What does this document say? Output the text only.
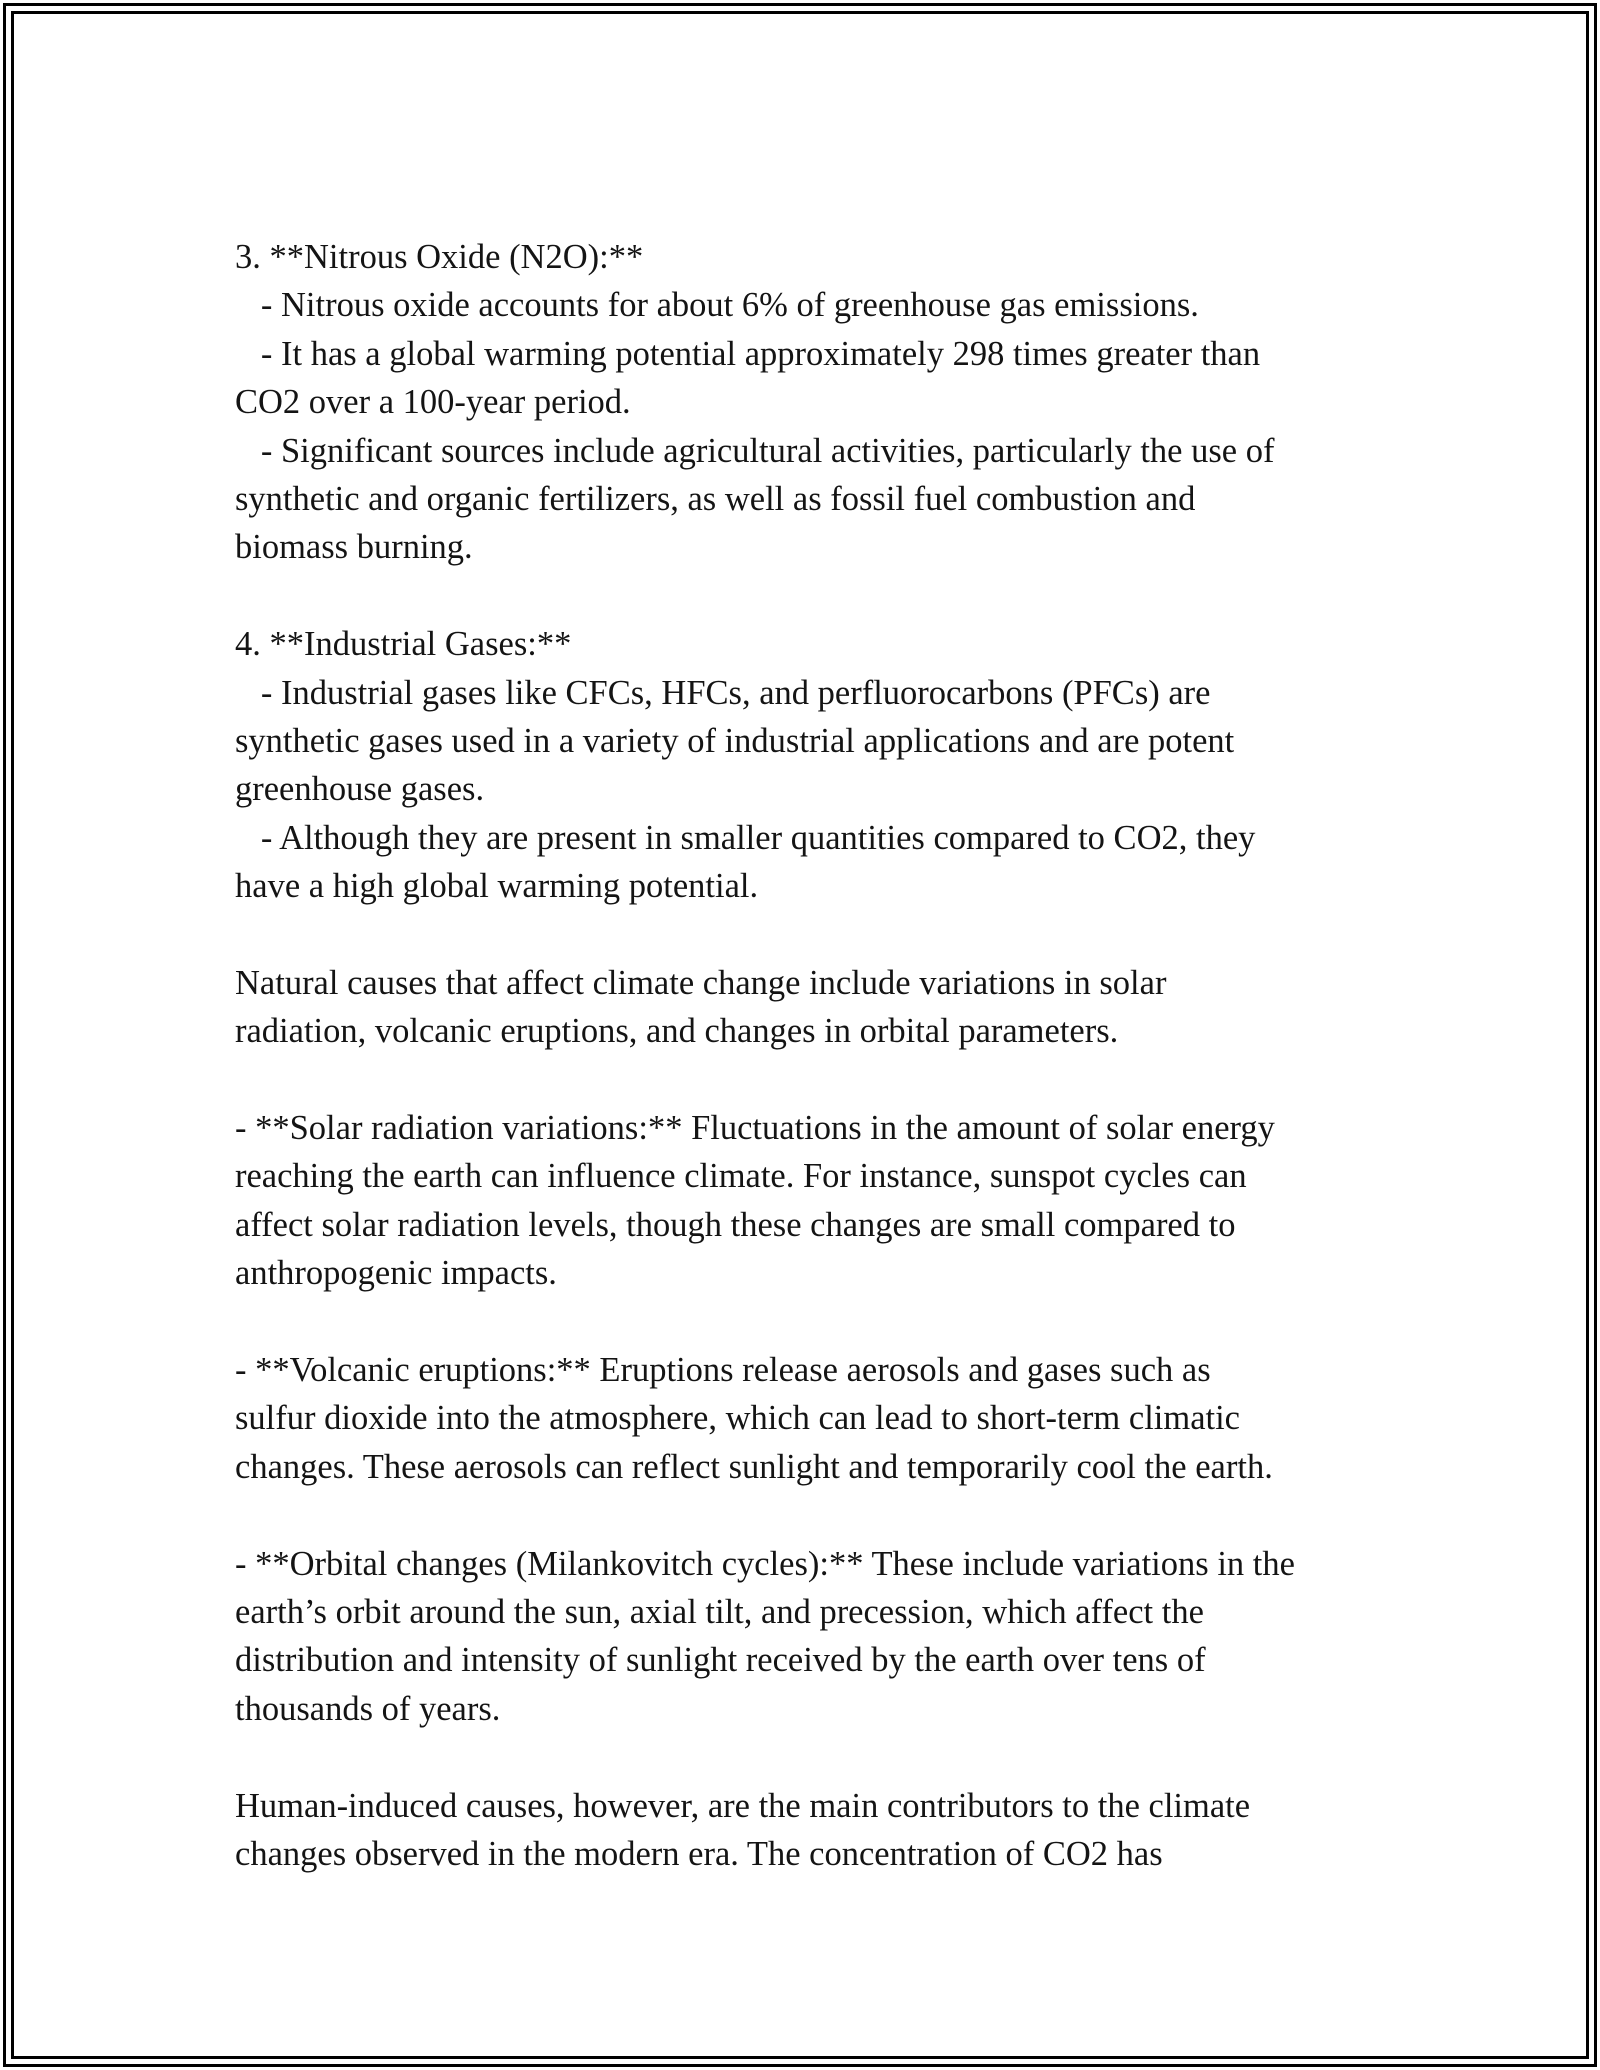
3. **Nitrous Oxide (N2O):**
- Nitrous oxide accounts for about 6% of greenhouse gas emissions.
- It has a global warming potential approximately 298 times greater than
CO2 over a 100-year period.
- Significant sources include agricultural activities, particularly the use of
synthetic and organic fertilizers, as well as fossil fuel combustion and
biomass burning.
4. **Industrial Gases:**
- Industrial gases like CFCs, HFCs, and perfluorocarbons (PFCs) are
synthetic gases used in a variety of industrial applications and are potent
greenhouse gases.
- Although they are present in smaller quantities compared to CO2, they
have a high global warming potential.
Natural causes that affect climate change include variations in solar
radiation, volcanic eruptions, and changes in orbital parameters.
- **Solar radiation variations:** Fluctuations in the amount of solar energy
reaching the earth can influence climate. For instance, sunspot cycles can
affect solar radiation levels, though these changes are small compared to
anthropogenic impacts.
- **Volcanic eruptions:** Eruptions release aerosols and gases such as
sulfur dioxide into the atmosphere, which can lead to short-term climatic
changes. These aerosols can reflect sunlight and temporarily cool the earth.
- **Orbital changes (Milankovitch cycles):** These include variations in the
earth’s orbit around the sun, axial tilt, and precession, which affect the
distribution and intensity of sunlight received by the earth over tens of
thousands of years.
Human-induced causes, however, are the main contributors to the climate
changes observed in the modern era. The concentration of CO2 has
